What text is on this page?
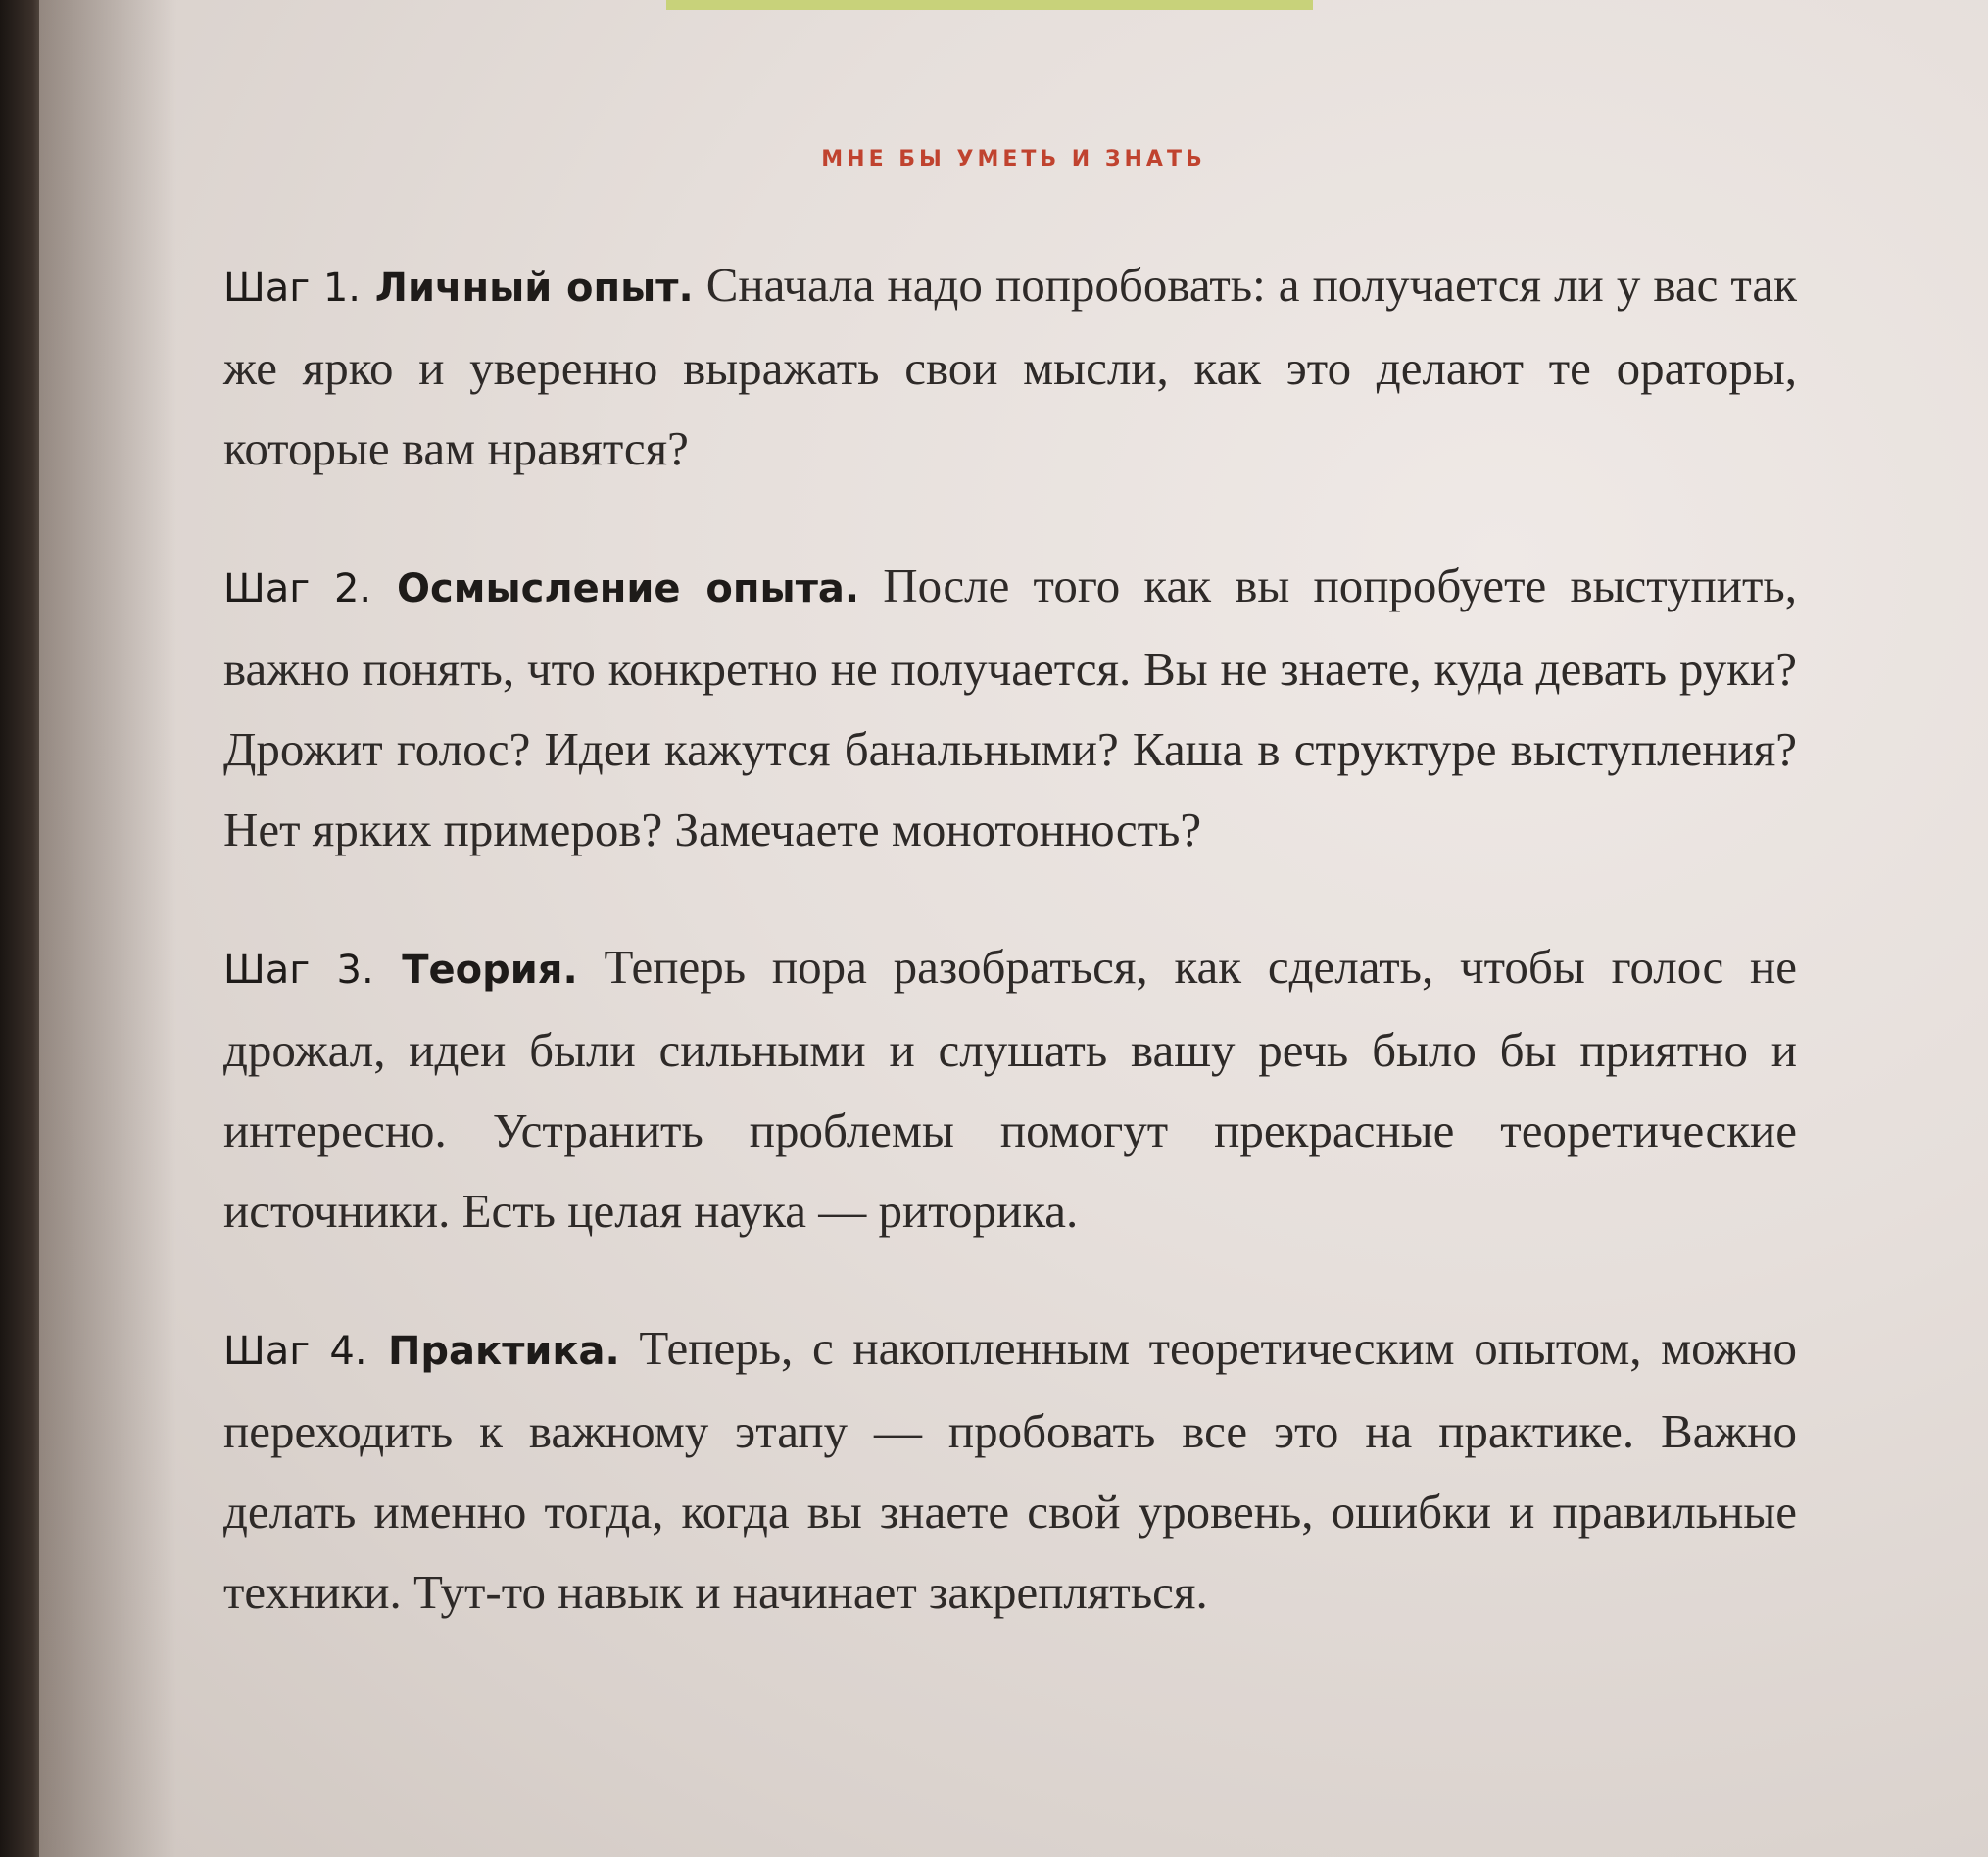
МНЕ БЫ УМЕТЬ И ЗНАТЬ

Шаг 1. Личный опыт. Сначала надо попробовать: а получается ли у вас так же ярко и уверенно выражать свои мысли, как это делают те ораторы, которые вам нравятся?

Шаг 2. Осмысление опыта. После того как вы попробуете выступить, важно понять, что конкретно не получается. Вы не знаете, куда девать руки? Дрожит голос? Идеи кажутся банальными? Каша в структуре выступления? Нет ярких примеров? Замечаете монотонность?

Шаг 3. Теория. Теперь пора разобраться, как сделать, чтобы голос не дрожал, идеи были сильными и слушать вашу речь было бы приятно и интересно. Устранить проблемы помогут прекрасные теоретические источники. Есть целая наука — риторика.

Шаг 4. Практика. Теперь, с накопленным теоретическим опытом, можно переходить к важному этапу — пробовать все это на практике. Важно делать именно тогда, когда вы знаете свой уровень, ошибки и правильные техники. Тут-то навык и начинает закрепляться.
